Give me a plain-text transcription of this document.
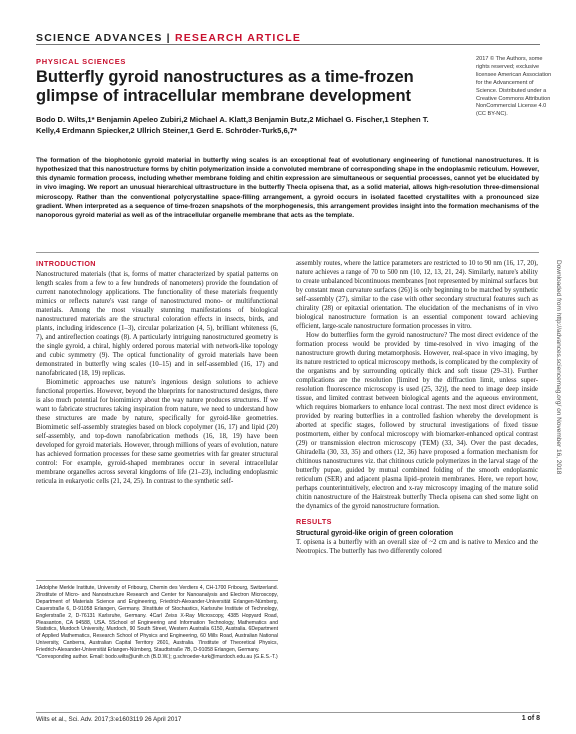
SCIENCE ADVANCES | RESEARCH ARTICLE
PHYSICAL SCIENCES
Butterfly gyroid nanostructures as a time-frozen glimpse of intracellular membrane development

Bodo D. Wilts,1* Benjamin Apeleo Zubiri,2 Michael A. Klatt,3 Benjamin Butz,2 Michael G. Fischer,1 Stephen T. Kelly,4 Erdmann Spiecker,2 Ullrich Steiner,1 Gerd E. Schröder-Turk5,6,7*

2017 © The Authors, some rights reserved; exclusive licensee American Association for the Advancement of Science. Distributed under a Creative Commons Attribution NonCommercial License 4.0 (CC BY-NC).

The formation of the biophotonic gyroid material in butterfly wing scales is an exceptional feat of evolutionary engineering of functional nanostructures. It is hypothesized that this nanostructure forms by chitin polymerization inside a convoluted membrane of corresponding shape in the endoplasmic reticulum. However, this dynamic formation process, including whether membrane folding and chitin expression are simultaneous or sequential processes, cannot yet be elucidated by in vivo imaging. We report an unusual hierarchical ultrastructure in the butterfly Thecla opisena that, as a solid material, allows high-resolution three-dimensional microscopy. Rather than the conventional polycrystalline space-filling arrangement, a gyroid occurs in isolated facetted crystallites with a pronounced size gradient. When interpreted as a sequence of time-frozen snapshots of the morphogenesis, this arrangement provides insight into the formation mechanisms of the nanoporous gyroid material as well as of the intracellular organelle membrane that acts as the template.

Downloaded from http://advances.sciencemag.org/ on November 16, 2018
INTRODUCTION

Nanostructured materials (that is, forms of matter characterized by spatial patterns on length scales from a few to a few hundreds of nanometers) provide the foundation of current nanotechnology applications. The functionality of these materials frequently mimics or reflects nature's vast range of nanostructured mono- or multifunctional materials. Among the most visually stunning manifestations of biological nanostructured materials are the structural coloration effects in insects, birds, and plants, including iridescence (1–3), circular polarization (4, 5), brilliant whiteness (6, 7), and antireflection coatings (8). A particularly intriguing nanostructured geometry is the single gyroid, a chiral, highly ordered porous material with network-like topology and cubic symmetry (9). The optical functionality of gyroid materials have been demonstrated in butterfly wing scales (10–15) and in self-assembled (16, 17) and nanofabricated (18, 19) replicas.

Biomimetic approaches use nature's ingenious design solutions to achieve functional properties. However, beyond the blueprints for nanostructured designs, there is also much potential for biomimicry about the way nature produces structures. If we want to fabricate structures taking inspiration from nature, we need to understand how these structures are made by nature, specifically for gyroid-like geometries. Biomimetic self-assembly strategies based on block copolymer (16, 17) and lipid (20) self-assembly, and top-down nanofabrication methods (16, 18, 19) have been developed for gyroid materials. However, through millions of years of evolution, nature has achieved formation processes for these same geometries with far greater structural control: For example, gyroid-shaped membranes occur in several intracellular membrane organelles across several kingdoms of life (21–23), including endoplasmic reticula in eukaryotic cells (21, 24, 25). In contrast to the synthetic self-

1Adolphe Merkle Institute, University of Fribourg, Chemin des Verdiers 4, CH-1700 Fribourg, Switzerland. 2Institute of Micro- and Nanostructure Research and Center for Nanoanalysis and Electron Microscopy, Department of Materials Science and Engineering, Friedrich-Alexander-Universität Erlangen-Nürnberg, Cauerstraße 6, D-91058 Erlangen, Germany. 3Institute of Stochastics, Karlsruhe Institute of Technology, Englerstraße 2, D-76131 Karlsruhe, Germany. 4Carl Zeiss X-Ray Microscopy, 4385 Hopyard Road, Pleasanton, CA 94588, USA. 5School of Engineering and Information Technology, Mathematics and Statistics, Murdoch University, Murdoch, 90 South Street, Western Australia 6150, Australia. 6Department of Applied Mathematics, Research School of Physics and Engineering, 60 Mills Road, Australian National University, Canberra, Australian Capital Territory 2601, Australia. 7Institute of Theoretical Physics, Friedrich-Alexander-Universität Erlangen-Nürnberg, Staudtstraße 7B, D-91058 Erlangen, Germany.

*Corresponding author. Email: bodo.wilts@unifr.ch (B.D.W.); g.schroeder-turk@murdoch.edu.au (G.E.S.-T.)

assembly routes, where the lattice parameters are restricted to 10 to 90 nm (16, 17, 20), nature achieves a range of 70 to 500 nm (10, 12, 13, 21, 24). Similarly, nature's ability to create unbalanced bicontinuous membranes [not represented by minimal surfaces but by constant mean curvature surfaces (26)] is only beginning to be matched by synthetic self-assembly (27), similar to the case with other secondary structural features such as chirality (28) or epitaxial orientation. The elucidation of the mechanisms of in vivo biological nanostructure formation is an essential component toward achieving efficient, large-scale nanostructure formation processes in vitro.

How do butterflies form the gyroid nanostructure? The most direct evidence of the formation process would be provided by time-resolved in vivo imaging of the nanostructure growth during metamorphosis. However, real-space in vivo imaging, by its nature restricted to optical microscopy methods, is complicated by the complexity of the organisms and by surrounding optically thick and soft tissue (29–31). Further complications are the resolution [limited by the diffraction limit, unless super-resolution fluorescence microscopy is used (25, 32)], the need to image deep inside tissue, and limited contrast between biological agents and the aqueous environment, which requires biomarkers to enhance local contrast. The next most direct evidence is provided by rearing butterflies in a controlled fashion whereby the development is aborted at specific stages, followed by structural investigations of fixed tissue postmortem, either by confocal microscopy with biomarker-enhanced optical contrast (29) or transmission electron microscopy (TEM) (33, 34). Over the past decades, Ghiradella (30, 33, 35) and others (12, 36) have proposed a formation mechanism for chitinous nanostructures viz. that chitinous cuticle polymerizes in the larval stage of the butterfly pupae, guided by mutual combined folding of the smooth endoplasmic reticulum (SER) and adjacent plasma lipid–protein membranes. Here, we report how, perhaps counterintuitively, electron and x-ray microscopy imaging of the mature solid chitin nanostructure of the Hairstreak butterfly Thecla opisena can shed some light on the dynamics of the gyroid nanostructure formation.

RESULTS
Structural gyroid-like origin of green coloration

T. opisena is a butterfly with an overall size of ~2 cm and is native to Mexico and the Neotropics. The butterfly has two differently colored

Wilts et al., Sci. Adv. 2017;3:e1603119 26 April 2017	1 of 8
